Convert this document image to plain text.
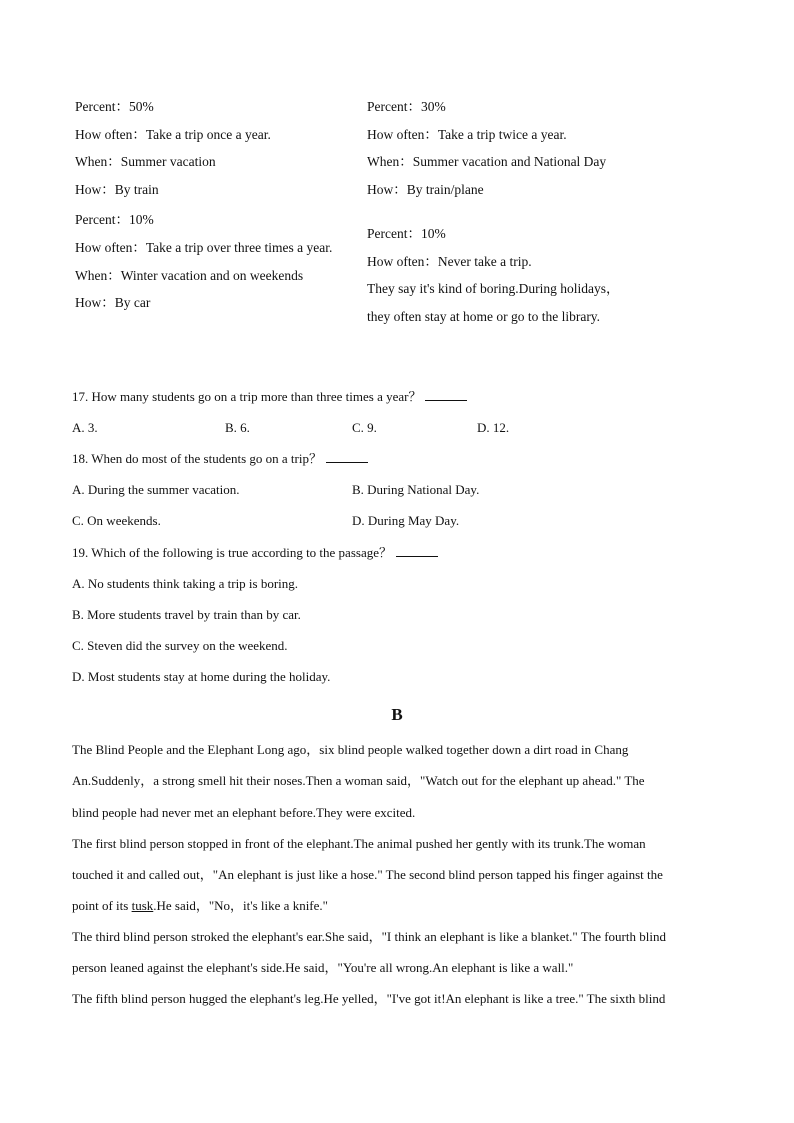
Percent：50%
How often：Take a trip once a year.
When：Summer vacation
How：By train
Percent：30%
How often：Take a trip twice a year.
When：Summer vacation and National Day
How：By train/plane
Percent：10%
How often：Take a trip over three times a year.
When：Winter vacation and on weekends
How：By car
Percent：10%
How often：Never take a trip.
They say it's kind of boring.During holidays，
they often stay at home or go to the library.
17. How many students go on a trip more than three times a year？
A. 3.	B. 6.	C. 9.	D. 12.
18. When do most of the students go on a trip？
A. During the summer vacation.	B. During National Day.
C. On weekends.	D. During May Day.
19. Which of the following is true according to the passage？
A. No students think taking a trip is boring.
B. More students travel by train than by car.
C. Steven did the survey on the weekend.
D. Most students stay at home during the holiday.
B
The Blind People and the Elephant Long ago，six blind people walked together down a dirt road in Chang
An.Suddenly，a strong smell hit their noses.Then a woman said，"Watch out for the elephant up ahead." The
blind people had never met an elephant before.They were excited.
The first blind person stopped in front of the elephant.The animal pushed her gently with its trunk.The woman
touched it and called out，"An elephant is just like a hose." The second blind person tapped his finger against the
point of its tusk.He said，"No，it's like a knife."
The third blind person stroked the elephant's ear.She said，"I think an elephant is like a blanket." The fourth blind
person leaned against the elephant's side.He said，"You're all wrong.An elephant is like a wall."
The fifth blind person hugged the elephant's leg.He yelled，"I've got it!An elephant is like a tree." The sixth blind
